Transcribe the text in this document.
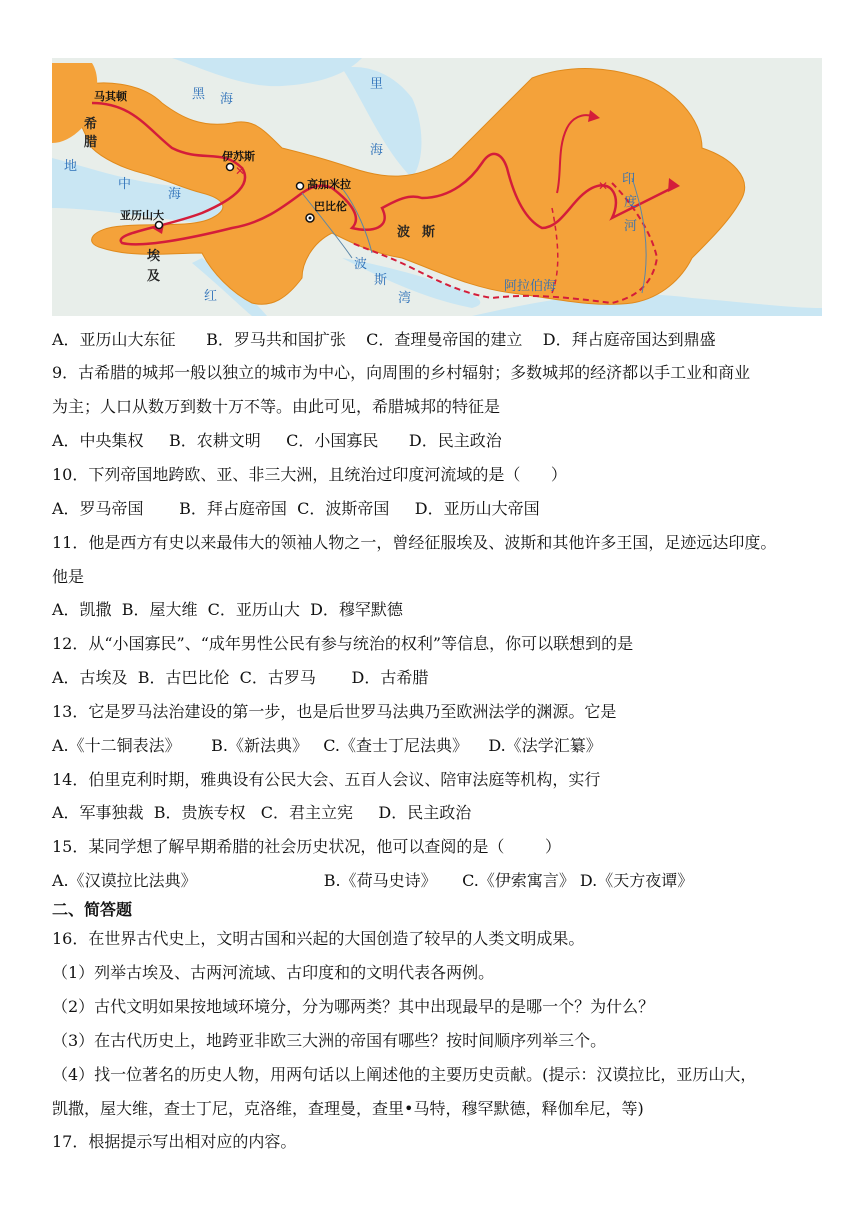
✕
✕
马其顿
希
腊
伊苏斯
高加米拉
巴比伦
亚历山大
埃
及
波 斯
黑 海
里
海
地
中
海
红
波
斯
湾
阿拉伯海
印
度
河
A．亚历山大东征      B．罗马共和国扩张    C．查理曼帝国的建立    D．拜占庭帝国达到鼎盛
9．古希腊的城邦一般以独立的城市为中心，向周围的乡村辐射；多数城邦的经济都以手工业和商业
为主；人口从数万到数十万不等。由此可见，希腊城邦的特征是
A．中央集权     B．农耕文明     C．小国寡民      D．民主政治
10．下列帝国地跨欧、亚、非三大洲，且统治过印度河流域的是（      ）
A．罗马帝国       B．拜占庭帝国  C．波斯帝国     D．亚历山大帝国
11．他是西方有史以来最伟大的领袖人物之一，曾经征服埃及、波斯和其他许多王国，足迹远达印度。
他是
A．凯撒  B．屋大维  C．亚历山大  D．穆罕默德
12．从“小国寡民”、“成年男性公民有参与统治的权利”等信息，你可以联想到的是
A．古埃及  B．古巴比伦  C．古罗马       D．古希腊
13．它是罗马法治建设的第一步，也是后世罗马法典乃至欧洲法学的渊源。它是
A.《十二铜表法》      B.《新法典》   C.《查士丁尼法典》    D.《法学汇纂》
14．伯里克利时期，雅典设有公民大会、五百人会议、陪审法庭等机构，实行
A．军事独裁  B．贵族专权   C．君主立宪     D．民主政治
15．某同学想了解早期希腊的社会历史状况，他可以查阅的是（        ）
A.《汉谟拉比法典》                         B.《荷马史诗》     C.《伊索寓言》 D.《天方夜谭》
二、简答题
16．在世界古代史上，文明古国和兴起的大国创造了较早的人类文明成果。
（1）列举古埃及、古两河流域、古印度和的文明代表各两例。
（2）古代文明如果按地域环境分，分为哪两类？其中出现最早的是哪一个？为什么？
（3）在古代历史上，地跨亚非欧三大洲的帝国有哪些？按时间顺序列举三个。
（4）找一位著名的历史人物，用两句话以上阐述他的主要历史贡献。(提示：汉谟拉比，亚历山大，
凯撒，屋大维，查士丁尼，克洛维，查理曼，查里•马特，穆罕默德，释伽牟尼，等)
17．根据提示写出相对应的内容。
